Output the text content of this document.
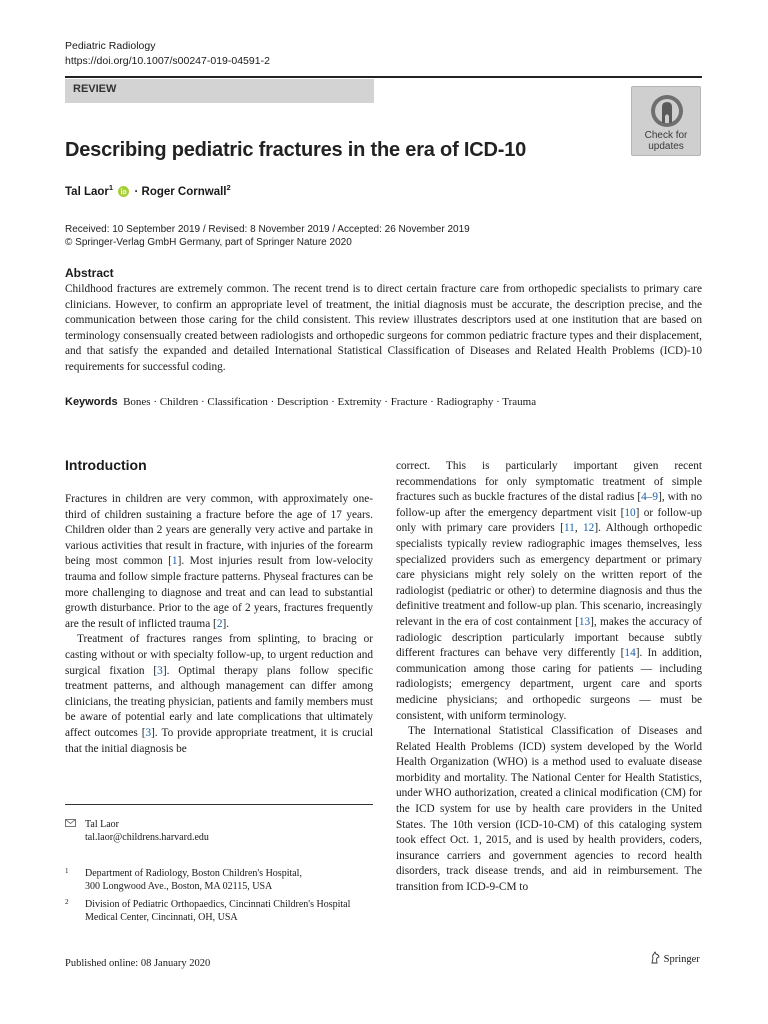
Pediatric Radiology
https://doi.org/10.1007/s00247-019-04591-2
REVIEW
Check for
updates
Describing pediatric fractures in the era of ICD-10
Tal Laor$^1$ · Roger Cornwall$^2$
Received: 10 September 2019 / Revised: 8 November 2019 / Accepted: 26 November 2019
© Springer-Verlag GmbH Germany, part of Springer Nature 2020
Abstract
Childhood fractures are extremely common. The recent trend is to direct certain fracture care from orthopedic specialists to primary care clinicians. However, to confirm an appropriate level of treatment, the initial diagnosis must be accurate, the description precise, and the communication between those caring for the child consistent. This review illustrates descriptors used at one institution that are based on terminology consensually created between radiologists and orthopedic surgeons for common pediatric fracture types and their displacement, and that satisfy the expanded and detailed International Statistical Classification of Diseases and Related Health Problems (ICD)-10 requirements for successful coding.
Keywords Bones · Children · Classification · Description · Extremity · Fracture · Radiography · Trauma
Introduction

Fractures in children are very common, with approximately one-third of children sustaining a fracture before the age of 17 years. Children older than 2 years are generally very active and partake in various activities that result in fracture, with injuries of the forearm being most common [1]. Most injuries result from low-velocity trauma and follow simple fracture patterns. Physeal fractures can be more challenging to diagnose and treat and can lead to substantial growth disturbance. Prior to the age of 2 years, fractures frequently are the result of inflicted trauma [2].

Treatment of fractures ranges from splinting, to bracing or casting without or with specialty follow-up, to urgent reduction and surgical fixation [3]. Optimal therapy plans follow specific treatment patterns, and although management can differ among clinicians, the treating physician, patients and family members must be aware of potential early and late complications that ultimately affect outcomes [3]. To provide appropriate treatment, it is crucial that the initial diagnosis be

correct. This is particularly important given recent recommendations for only symptomatic treatment of simple fractures such as buckle fractures of the distal radius [4–9], with no follow-up after the emergency department visit [10] or follow-up only with primary care providers [11, 12]. Although orthopedic specialists typically review radiographic images themselves, less specialized providers such as emergency department or primary care physicians might rely solely on the written report of the radiologist (pediatric or other) to determine diagnosis and thus the definitive treatment and follow-up plan. This scenario, increasingly relevant in the era of cost containment [13], makes the accuracy of radiologic description particularly important because subtly different fractures can behave very differently [14]. In addition, communication among those caring for patients — including radiologists; emergency department, urgent care and sports medicine physicians; and orthopedic surgeons — must be consistent, with uniform terminology.

The International Statistical Classification of Diseases and Related Health Problems (ICD) system developed by the World Health Organization (WHO) is a method used to evaluate disease morbidity and mortality. The National Center for Health Statistics, under WHO authorization, created a clinical modification (CM) for the ICD system for use by health care providers in the United States. The 10th version (ICD-10-CM) of this cataloging system took effect Oct. 1, 2015, and is used by health providers, coders, insurance carriers and government agencies to record health disorders, track disease trends, and aid in reimbursement. The transition from ICD-9-CM to

Tal Laor
tal.laor@childrens.harvard.edu
1 Department of Radiology, Boston Children's Hospital,
300 Longwood Ave., Boston, MA 02115, USA
2 Division of Pediatric Orthopaedics, Cincinnati Children's Hospital
Medical Center, Cincinnati, OH, USA
Published online: 08 January 2020	Springer
